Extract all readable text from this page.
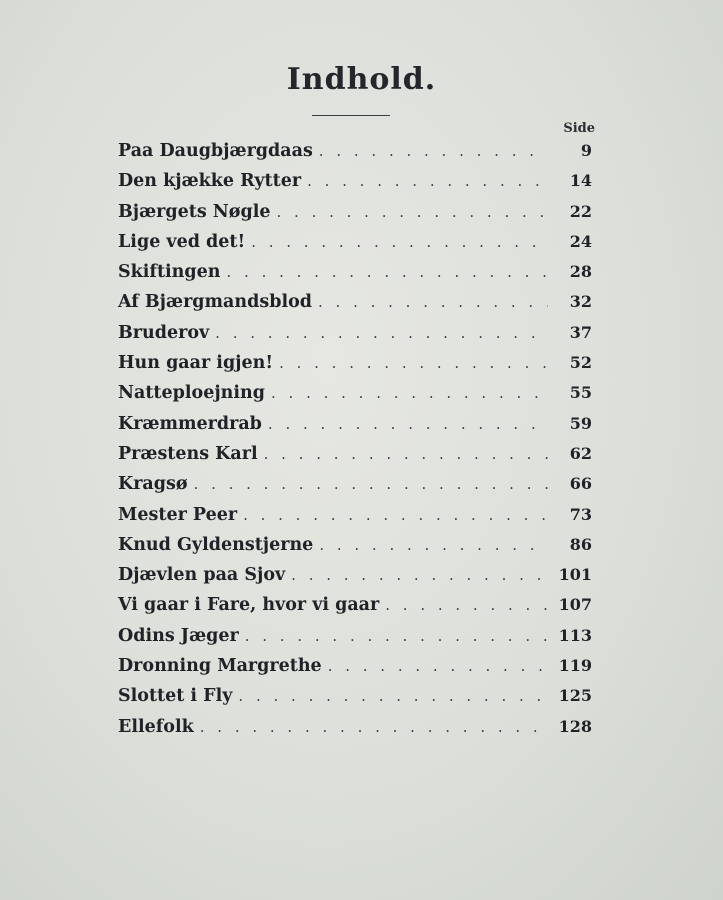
Indhold.
Side
Paa Daugbjærgdaas . . .	9
Den kjække Rytter . . .	14
Bjærgets Nøgle . . .	22
Lige ved det! . . .	24
Skiftingen . . .	28
Af Bjærgmandsblod . . .	32
Bruderov . . .	37
Hun gaar igjen! . . .	52
Natteploejning . . .	55
Kræmmerdrab . . .	59
Præstens Karl . . .	62
Kragsø . . .	66
Mester Peer . . .	73
Knud Gyldenstjerne . . .	86
Djævlen paa Sjov . . .	101
Vi gaar i Fare, hvor vi gaar . . .	107
Odins Jæger . . .	113
Dronning Margrethe . . .	119
Slottet i Fly . . .	125
Ellefolk . . .	128
